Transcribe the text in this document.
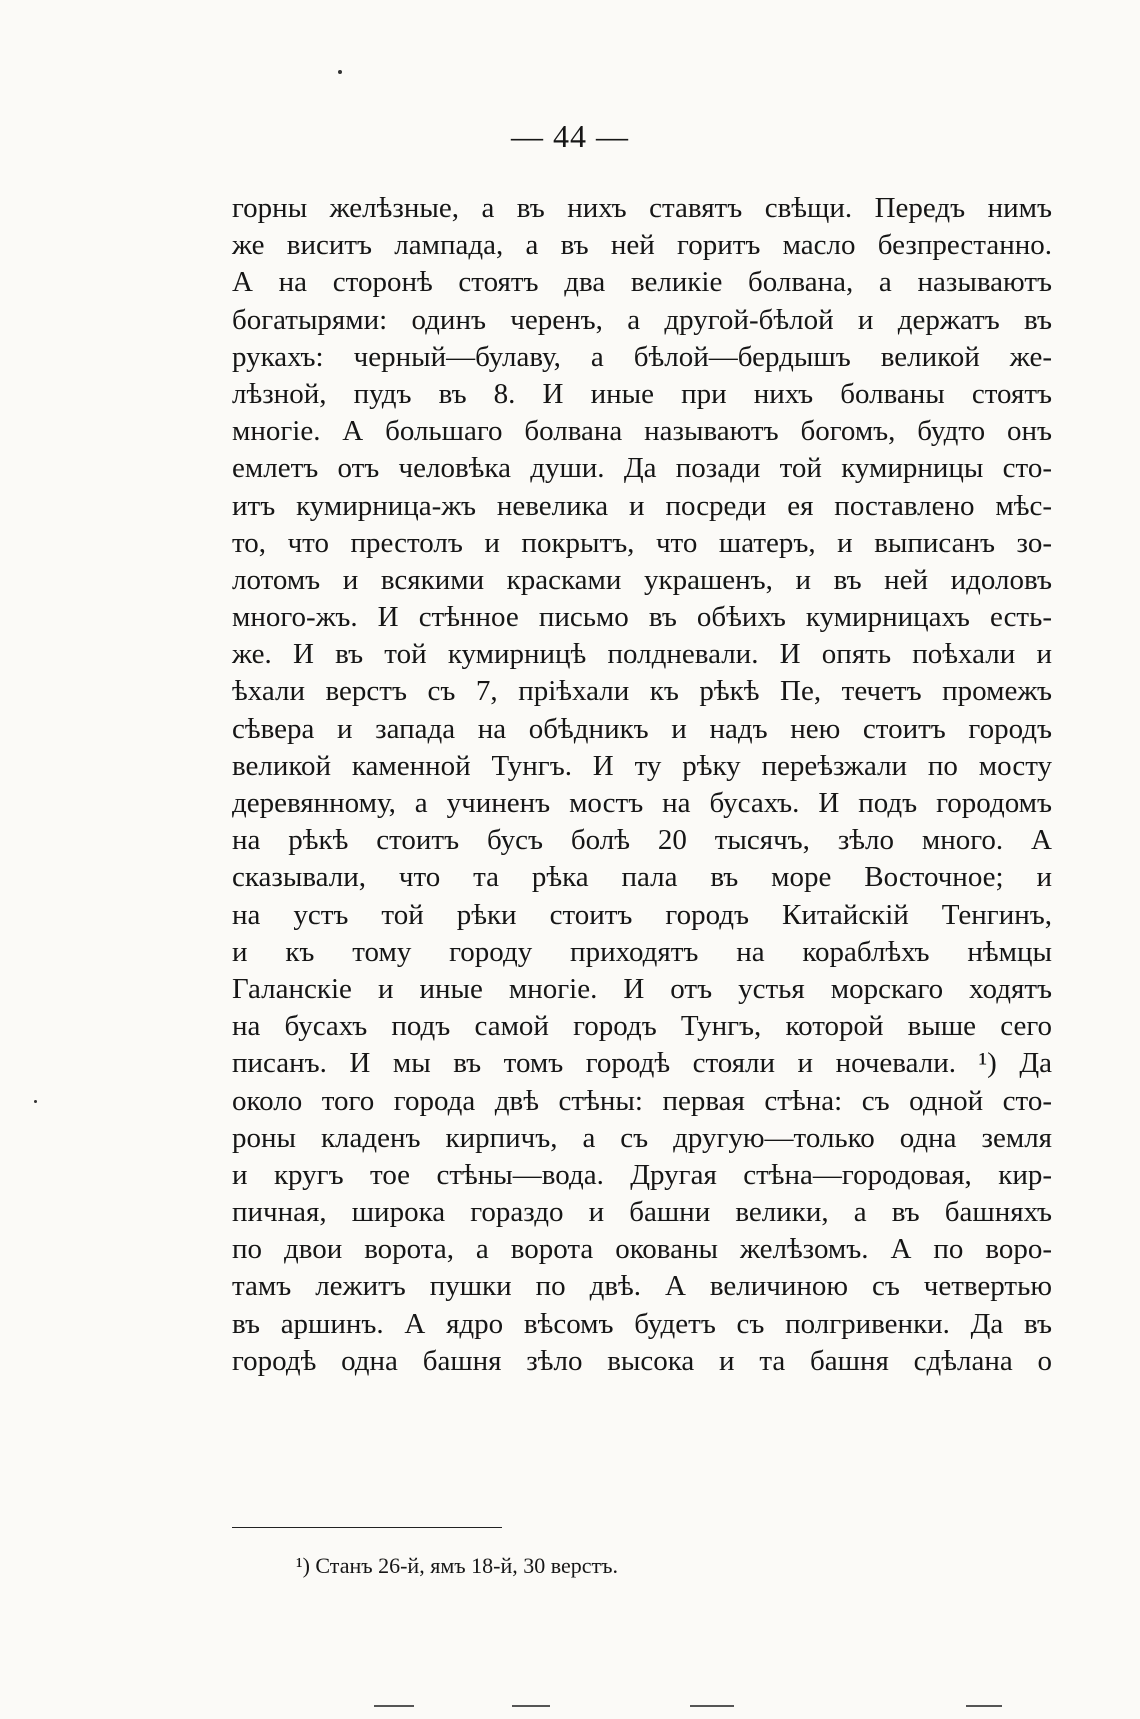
— 44 —
горны желѣзные, а въ нихъ ставятъ свѣщи. Передъ нимъ
же виситъ лампада, а въ ней горитъ масло безпрестанно.
А на сторонѣ стоятъ два великіе болвана, а называютъ
богатырями: одинъ черенъ, а другой-бѣлой и держатъ въ
рукахъ: черный—булаву, а бѣлой—бердышъ великой же-
лѣзной, пудъ въ 8. И иные при нихъ болваны стоятъ
многіе. А большаго болвана называютъ богомъ, будто онъ
емлетъ отъ человѣка души. Да позади той кумирницы сто-
итъ кумирница-жъ невелика и посреди ея поставлено мѣс-
то, что престолъ и покрытъ, что шатеръ, и выписанъ зо-
лотомъ и всякими красками украшенъ, и въ ней идоловъ
много-жъ. И стѣнное письмо въ обѣихъ кумирницахъ есть-
же. И въ той кумирницѣ полдневали. И опять поѣхали и
ѣхали верстъ съ 7, пріѣхали къ рѣкѣ Пе, течетъ промежъ
сѣвера и запада на обѣдникъ и надъ нею стоитъ городъ
великой каменной Тунгъ. И ту рѣку переѣзжали по мосту
деревянному, а учиненъ мостъ на бусахъ. И подъ городомъ
на рѣкѣ стоитъ бусъ болѣ 20 тысячъ, зѣло много. А
сказывали, что та рѣка пала въ море Восточное; и
на устъ той рѣки стоитъ городъ Китайскій Тенгинъ,
и къ тому городу приходятъ на кораблѣхъ нѣмцы
Галанскіе и иные многіе. И отъ устья морскаго ходятъ
на бусахъ подъ самой городъ Тунгъ, которой выше сего
писанъ. И мы въ томъ городѣ стояли и ночевали. ¹) Да
около того города двѣ стѣны: первая стѣна: съ одной сто-
роны кладенъ кирпичъ, а съ другую—только одна земля
и кругъ тое стѣны—вода. Другая стѣна—городовая, кир-
пичная, широка гораздо и башни велики, а въ башняхъ
по двои ворота, а ворота окованы желѣзомъ. А по воро-
тамъ лежитъ пушки по двѣ. А величиною съ четвертью
въ аршинъ. А ядро вѣсомъ будетъ съ полгривенки. Да въ
городѣ одна башня зѣло высока и та башня сдѣлана о
¹) Станъ 26-й, ямъ 18-й, 30 верстъ.
